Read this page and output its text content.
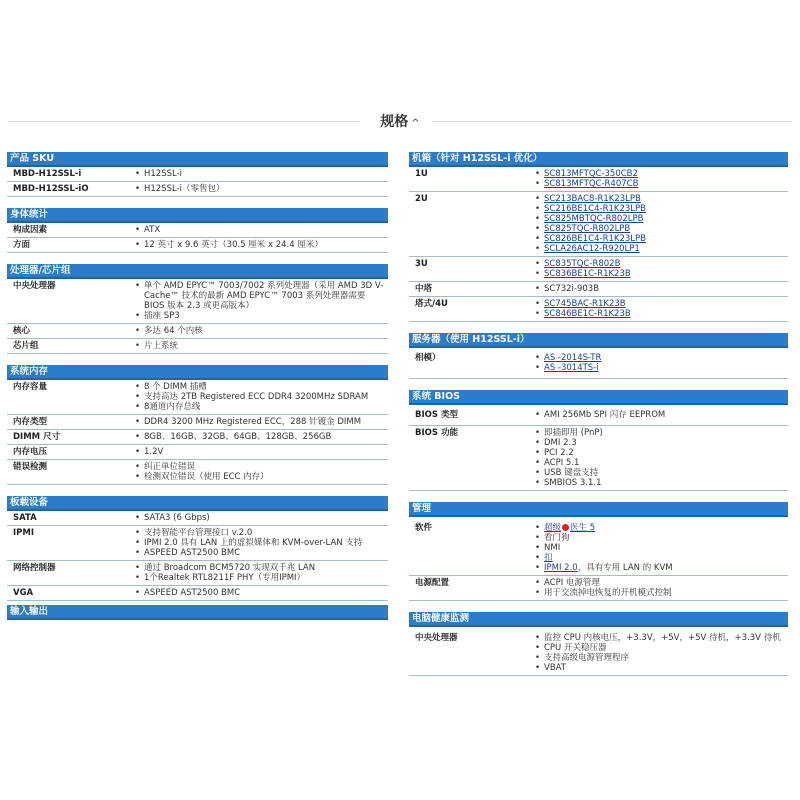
规格 ^
产品 SKU
MBD-H12SSL-i	• H12SSL-i
MBD-H12SSL-iO	• H12SSL-i（零售包）
身体统计
构成因素	• ATX
方面	• 12 英寸 x 9.6 英寸（30.5 厘米 x 24.4 厘米）
处理器/芯片组
中央处理器	• 单个 AMD EPYC™ 7003/7002 系列处理器（采用 AMD 3D V-Cache™ 技术的最新 AMD EPYC™ 7003 系列处理器需要 BIOS 版本 2.3 或更高版本）
• 插座 SP3
核心	• 多达 64 个内核
芯片组	• 片上系统
系统内存
内存容量	• 8 个 DIMM 插槽
• 支持高达 2TB Registered ECC DDR4 3200MHz SDRAM
• 8通道内存总线
内存类型	• DDR4 3200 MHz Registered ECC，288 针镀金 DIMM
DIMM 尺寸	• 8GB、16GB、32GB、64GB、128GB、256GB
内存电压	• 1.2V
错误检测	• 纠正单位错误
• 检测双位错误（使用 ECC 内存）
板载设备
SATA	• SATA3 (6 Gbps)
IPMI	• 支持智能平台管理接口 v.2.0
• IPMI 2.0 具有 LAN 上的虚拟媒体和 KVM-over-LAN 支持
• ASPEED AST2500 BMC
网络控制器	• 通过 Broadcom BCM5720 实现双千兆 LAN
• 1个Realtek RTL8211F PHY（专用IPMI）
VGA	• ASPEED AST2500 BMC
输入输出
机箱（针对 H12SSL-i 优化）
1U	• SC813MFTQC-350CB2
• SC813MFTQC-R407CB
2U	• SC213BAC8-R1K23LPB
• SC216BE1C4-R1K23LPB
• SC825MBTQC-R802LPB
• SC825TQC-R802LPB
• SC826BE1C4-R1K23LPB
• SCLA26AC12-R920LP1
3U	• SC835TQC-R802B
• SC836BE1C-R1K23B
中塔	• SC732i-903B
塔式/4U	• SC745BAC-R1K23B
• SC846BE1C-R1K23B
服务器（使用 H12SSL-i）
相模）	• AS -2014S-TR
• AS -3014TS-i
系统 BIOS
BIOS 类型	• AMI 256Mb SPI 闪存 EEPROM
BIOS 功能	• 即插即用 (PnP)
• DMI 2.3
• PCI 2.2
• ACPI 5.1
• USB 键盘支持
• SMBIOS 3.1.1
管理
软件	• 超级 医生 5
• 看门狗
• NMI
• 扣
• IPMI 2.0，具有专用 LAN 的 KVM
电源配置	• ACPI 电源管理
• 用于交流掉电恢复的开机模式控制
电脑健康监测
中央处理器	• 监控 CPU 内核电压，+3.3V，+5V，+5V 待机，+3.3V 待机
• CPU 开关稳压器
• 支持高级电源管理程序
• VBAT
